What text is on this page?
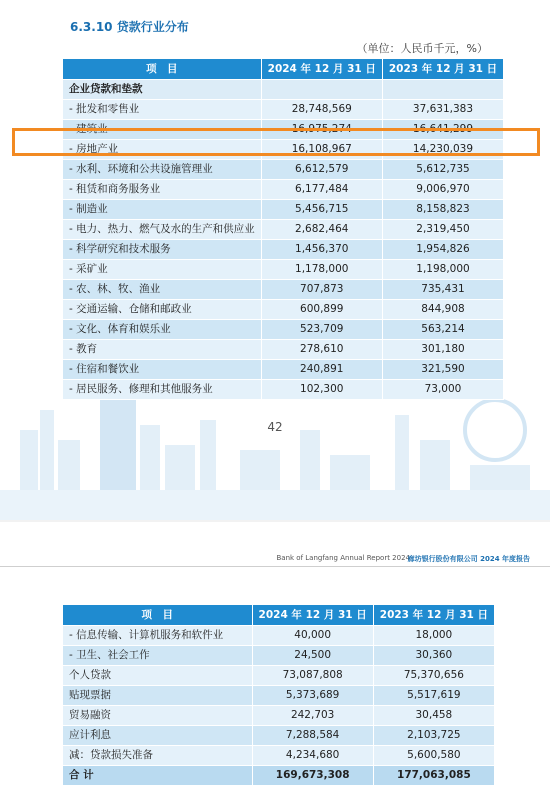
6.3.10 贷款行业分布
（单位：人民币千元，%）
项　目	2024 年 12 月 31 日	2023 年 12 月 31 日
企业贷款和垫款		
- 批发和零售业	28,748,569	37,631,383
- 建筑业	16,975,274	16,641,299
- 房地产业	16,108,967	14,230,039
- 水利、环境和公共设施管理业	6,612,579	5,612,735
- 租赁和商务服务业	6,177,484	9,006,970
- 制造业	5,456,715	8,158,823
- 电力、热力、燃气及水的生产和供应业	2,682,464	2,319,450
- 科学研究和技术服务	1,456,370	1,954,826
- 采矿业	1,178,000	1,198,000
- 农、林、牧、渔业	707,873	735,431
- 交通运输、仓储和邮政业	600,899	844,908
- 文化、体育和娱乐业	523,709	563,214
- 教育	278,610	301,180
- 住宿和餐饮业	240,891	321,590
- 居民服务、修理和其他服务业	102,300	73,000
42
Bank of Langfang Annual Report 2024
廊坊银行股份有限公司 2024 年度报告
项　目	2024 年 12 月 31 日	2023 年 12 月 31 日
- 信息传输、计算机服务和软件业	40,000	18,000
- 卫生、社会工作	24,500	30,360
个人贷款	73,087,808	75,370,656
贴现票据	5,373,689	5,517,619
贸易融资	242,703	30,458
应计利息	7,288,584	2,103,725
减：贷款损失准备	4,234,680	5,600,580
合 计	169,673,308	177,063,085
